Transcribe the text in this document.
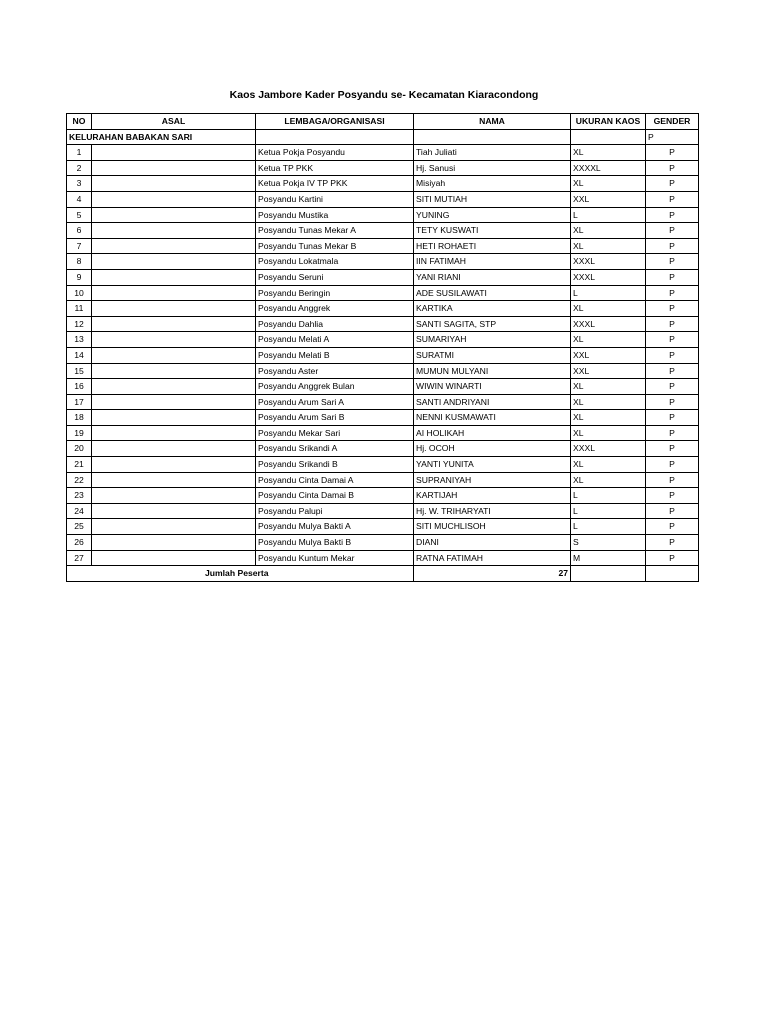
Kaos Jambore Kader Posyandu se- Kecamatan Kiaracondong
NO	ASAL	LEMBAGA/ORGANISASI	NAMA	UKURAN KAOS	GENDER
KELURAHAN BABAKAN SARI					P
1		Ketua Pokja Posyandu	Tiah Juliati	XL	P
2		Ketua TP PKK	Hj. Sanusi	XXXXL	P
3		Ketua Pokja IV TP PKK	Misiyah	XL	P
4		Posyandu Kartini	SITI MUTIAH	XXL	P
5		Posyandu Mustika	YUNING	L	P
6		Posyandu Tunas Mekar A	TETY KUSWATI	XL	P
7		Posyandu Tunas Mekar B	HETI ROHAETI	XL	P
8		Posyandu Lokatmala	IIN FATIMAH	XXXL	P
9		Posyandu Seruni	YANI RIANI	XXXL	P
10		Posyandu Beringin	ADE SUSILAWATI	L	P
11		Posyandu Anggrek	KARTIKA	XL	P
12		Posyandu Dahlia	SANTI SAGITA, STP	XXXL	P
13		Posyandu Melati A	SUMARIYAH	XL	P
14		Posyandu Melati B	SURATMI	XXL	P
15		Posyandu Aster	MUMUN MULYANI	XXL	P
16		Posyandu Anggrek Bulan	WIWIN WINARTI	XL	P
17		Posyandu Arum Sari A	SANTI ANDRIYANI	XL	P
18		Posyandu Arum Sari B	NENNI KUSMAWATI	XL	P
19		Posyandu Mekar Sari	AI HOLIKAH	XL	P
20		Posyandu Srikandi A	Hj. OCOH	XXXL	P
21		Posyandu Srikandi B	YANTI YUNITA	XL	P
22		Posyandu Cinta Damai A	SUPRANIYAH	XL	P
23		Posyandu Cinta Damai B	KARTIJAH	L	P
24		Posyandu Palupi	Hj. W. TRIHARYATI	L	P
25		Posyandu Mulya Bakti A	SITI MUCHLISOH	L	P
26		Posyandu Mulya Bakti B	DIANI	S	P
27		Posyandu Kuntum Mekar	RATNA FATIMAH	M	P
Jumlah Peserta			27		
